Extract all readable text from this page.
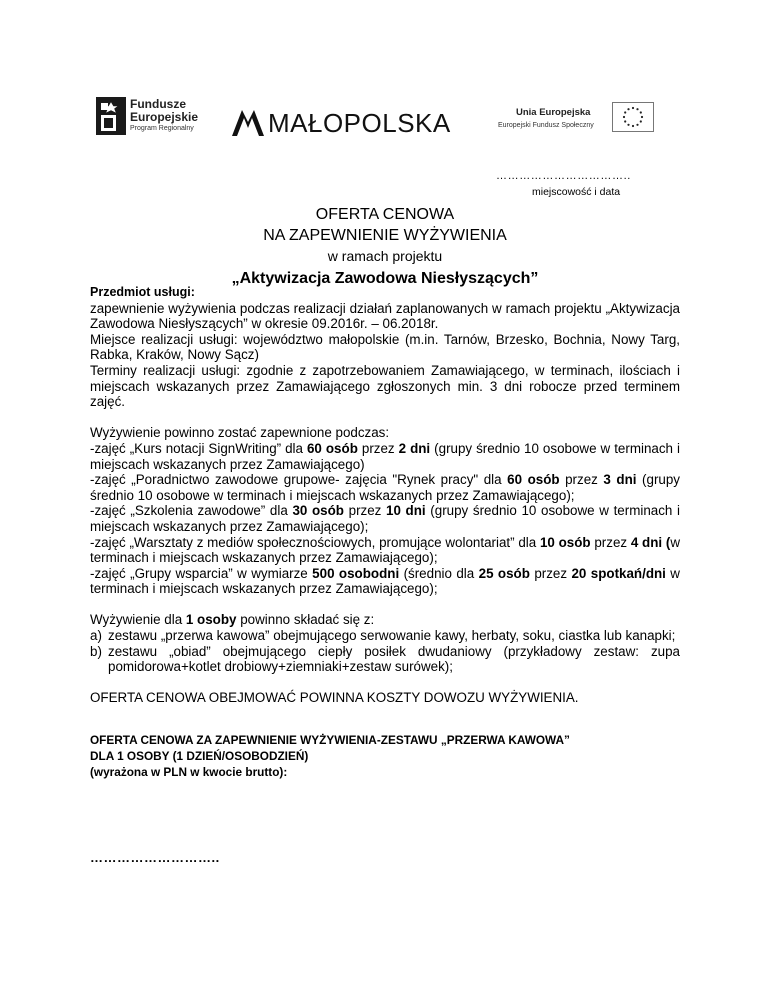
Fundusze
Europejskie
Program Regionalny	MAŁOPOLSKA	Unia Europejska
Europejski Fundusz Społeczny
……………………………..
miejscowość i data

OFERTA CENOWA

NA ZAPEWNIENIE WYŻYWIENIA

w ramach projektu

„Aktywizacja Zawodowa Niesłyszących”

Przedmiot usługi:

zapewnienie wyżywienia podczas realizacji działań zaplanowanych w ramach projektu „Aktywizacja Zawodowa Niesłyszących” w okresie 09.2016r. – 06.2018r.

Miejsce realizacji usługi: województwo małopolskie (m.in. Tarnów, Brzesko, Bochnia, Nowy Targ, Rabka, Kraków, Nowy Sącz)

Terminy realizacji usługi: zgodnie z zapotrzebowaniem Zamawiającego, w terminach, ilościach i miejscach wskazanych przez Zamawiającego zgłoszonych min. 3 dni robocze przed terminem zajęć.

Wyżywienie powinno zostać zapewnione podczas:

-zajęć „Kurs notacji SignWriting” dla 60 osób przez 2 dni (grupy średnio 10 osobowe w terminach i miejscach wskazanych przez Zamawiającego)

-zajęć „Poradnictwo zawodowe grupowe- zajęcia "Rynek pracy" dla 60 osób przez 3 dni (grupy średnio 10 osobowe w terminach i miejscach wskazanych przez Zamawiającego);

-zajęć „Szkolenia zawodowe” dla 30 osób przez 10 dni (grupy średnio 10 osobowe w terminach i miejscach wskazanych przez Zamawiającego);

-zajęć „Warsztaty z mediów społecznościowych, promujące wolontariat” dla 10 osób przez 4 dni (w terminach i miejscach wskazanych przez Zamawiającego);

-zajęć „Grupy wsparcia” w wymiarze 500 osobodni (średnio dla 25 osób przez 20 spotkań/dni w terminach i miejscach wskazanych przez Zamawiającego);

Wyżywienie dla 1 osoby powinno składać się z:

a) zestawu „przerwa kawowa” obejmującego serwowanie kawy, herbaty, soku, ciastka lub kanapki;
b) zestawu „obiad” obejmującego ciepły posiłek dwudaniowy (przykładowy zestaw: zupa pomidorowa+kotlet drobiowy+ziemniaki+zestaw surówek);

OFERTA CENOWA OBEJMOWAĆ POWINNA KOSZTY DOWOZU WYŻYWIENIA.

OFERTA CENOWA ZA ZAPEWNIENIE WYŻYWIENIA-ZESTAWU „PRZERWA KAWOWA”

DLA 1 OSOBY (1 DZIEŃ/OSOBODZIEŃ)

(wyrażona w PLN w kwocie brutto):

………………………..
